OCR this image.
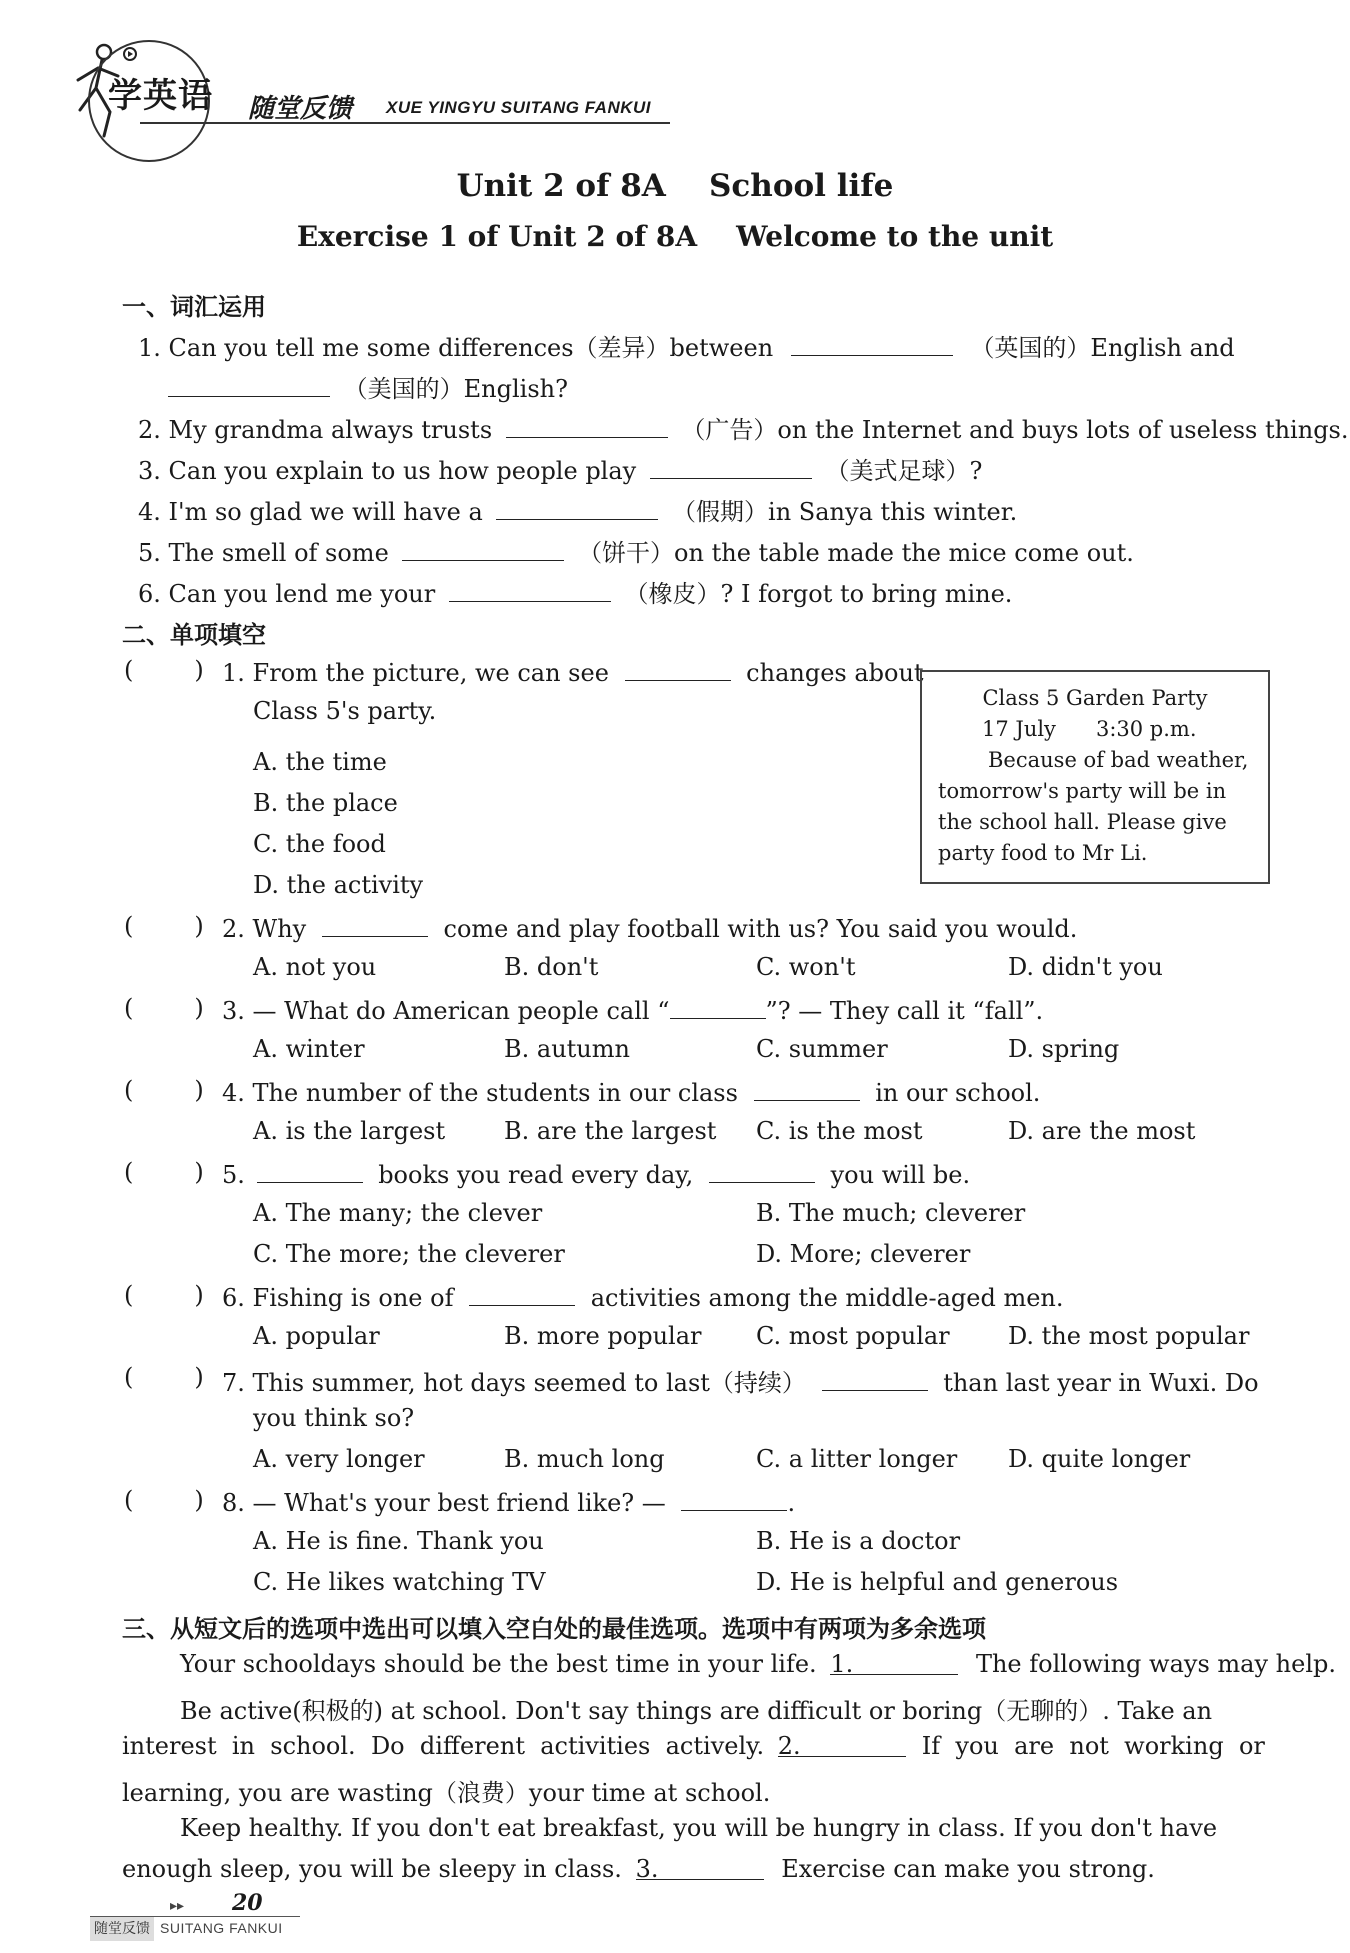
学英语 随堂反馈 XUE YINGYU SUITANG FANKUI
Unit 2 of 8A    School life
Exercise 1 of Unit 2 of 8A    Welcome to the unit
一、词汇运用
1. Can you tell me some differences（差异）between	（英国的）English and
（美国的）English?
2. My grandma always trusts	（广告）on the Internet and buys lots of useless things.
3. Can you explain to us how people play	（美式足球）?
4. I'm so glad we will have a	（假期）in Sanya this winter.
5. The smell of some	（饼干）on the table made the mice come out.
6. Can you lend me your	（橡皮）? I forgot to bring mine.
二、单项填空
(        ) 1. From the picture, we can see	changes about
Class 5's party.
A. the time
B. the place
C. the food
D. the activity
Class 5 Garden Party
17 July      3:30 p.m.
Because of bad weather,
tomorrow's party will be in
the school hall. Please give
party food to Mr Li.
(        ) 2. Why	come and play football with us? You said you would.
A. not you	B. don't	C. won't	D. didn't you
(        ) 3. — What do American people call “	”? — They call it “fall”.
A. winter	B. autumn	C. summer	D. spring
(        ) 4. The number of the students in our class	in our school.
A. is the largest B. are the largest C. is the most	D. are the most
(        ) 5.	books you read every day,	you will be.
A. The many; the clever	B. The much; cleverer
C. The more; the cleverer	D. More; cleverer
(        ) 6. Fishing is one of	activities among the middle-aged men.
A. popular	B. more popular C. most popular D. the most popular
(        ) 7. This summer, hot days seemed to last（持续）	than last year in Wuxi. Do
you think so?
A. very longer	B. much long	C. a litter longer D. quite longer
(        ) 8. — What's your best friend like? —	.
A. He is fine. Thank you	B. He is a doctor
C. He likes watching TV	D. He is helpful and generous
三、从短文后的选项中选出可以填入空白处的最佳选项。选项中有两项为多余选项
Your schooldays should be the best time in your life. 1.	The following ways may help.
Be active(积极的) at school. Don't say things are difficult or boring（无聊的）. Take an
interest  in  school.  Do  different  activities  actively. 2.	If  you  are  not  working  or
learning, you are wasting（浪费）your time at school.
Keep healthy. If you don't eat breakfast, you will be hungry in class. If you don't have
enough sleep, you will be sleepy in class. 3.	Exercise can make you strong.
▸▸ 20
随堂反馈 SUITANG FANKUI
